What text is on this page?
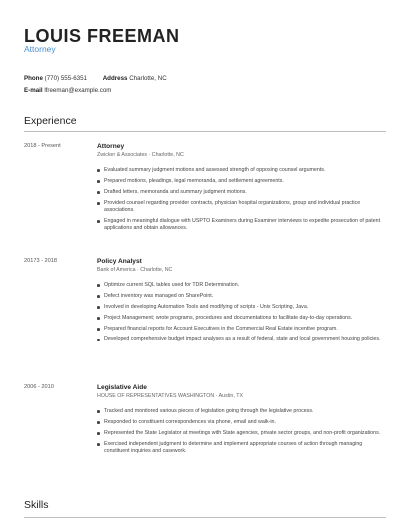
LOUIS FREEMAN
Attorney
Phone (770) 555-6351	Address Charlotte, NC
E-mail lfreeman@example.com
Experience
2018 - Present	Attorney
Zwicker & Associates · Charlotte, NC
Evaluated summary judgment motions and assessed strength of opposing counsel arguments.
Prepared motions, pleadings, legal memoranda, and settlement agreements.
Drafted letters, memoranda and summary judgment motions.
Provided counsel regarding provider contracts, physician hospital organizations, group and individual practice associations.
Engaged in meaningful dialogue with USPTO Examiners during Examiner interviews to expedite prosecution of patent applications and obtain allowances.
20173 - 2018	Policy Analyst
Bank of America · Charlotte, NC
Optimize current SQL tables used for TDR Determination.
Defect inventory was managed on SharePoint.
Involved in developing Automation Tools and modifying of scripts - Unix Scripting, Java.
Project Management; wrote programs, procedures and documentations to facilitate day-to-day operations.
Prepared financial reports for Account Executives in the Commercial Real Estate incentive program.
Developed comprehensive budget impact analyses as a result of federal, state and local government housing policies.
2006 - 2010	Legislative Aide
HOUSE OF REPRESENTATIVES WASHINGTON · Austin, TX
Tracked and monitored various pieces of legislation going through the legislative process.
Responded to constituent correspondences via phone, email and walk-in.
Represented the State Legislator at meetings with State agencies, private sector groups, and non-profit organizations.
Exercised independent judgment to determine and implement appropriate courses of action through managing constituent inquiries and casework.
Skills
